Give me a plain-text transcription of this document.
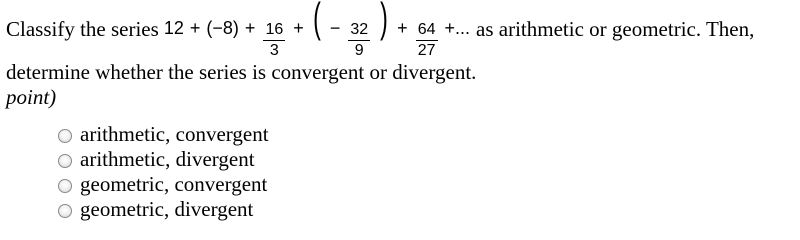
Classify the series $12 + (-8) + \frac{16}{3}$ + ( − $\frac{32}{9}$ ) + $\frac{64}{27}$ +... as arithmetic or geometric. Then,
determine whether the series is convergent or divergent.
point)
arithmetic, convergent
arithmetic, divergent
geometric, convergent
geometric, divergent
